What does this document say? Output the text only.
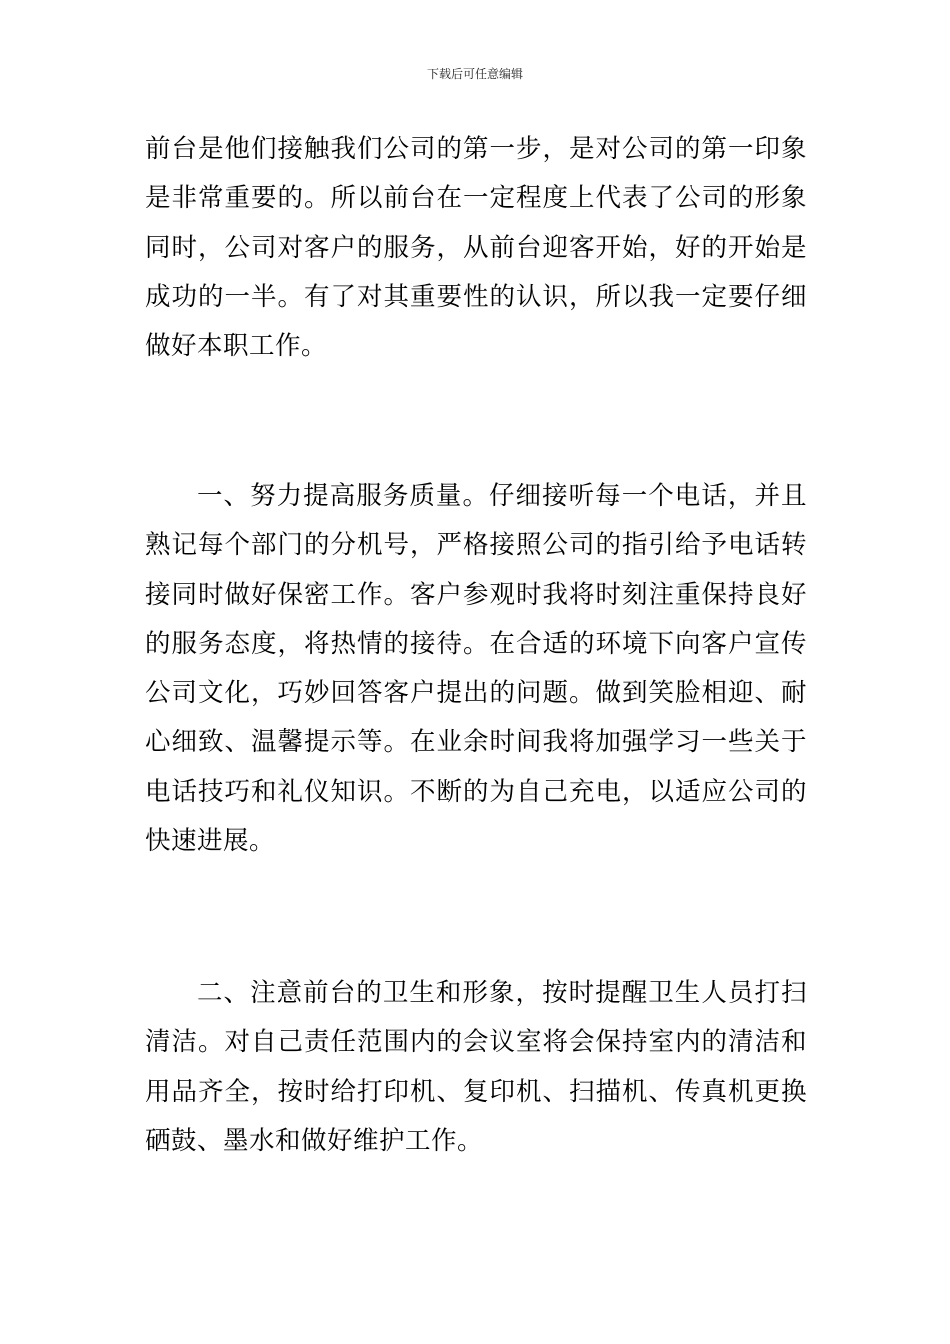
下载后可任意编辑

前台是他们接触我们公司的第一步，是对公司的第一印象是非常重要的。所以前台在一定程度上代表了公司的形象同时，公司对客户的服务，从前台迎客开始，好的开始是成功的一半。有了对其重要性的认识，所以我一定要仔细做好本职工作。

一、努力提高服务质量。仔细接听每一个电话，并且熟记每个部门的分机号，严格接照公司的指引给予电话转接同时做好保密工作。客户参观时我将时刻注重保持良好的服务态度，将热情的接待。在合适的环境下向客户宣传公司文化，巧妙回答客户提出的问题。做到笑脸相迎、耐心细致、温馨提示等。在业余时间我将加强学习一些关于电话技巧和礼仪知识。不断的为自己充电，以适应公司的快速进展。

二、注意前台的卫生和形象，按时提醒卫生人员打扫清洁。对自己责任范围内的会议室将会保持室内的清洁和用品齐全，按时给打印机、复印机、扫描机、传真机更换硒鼓、墨水和做好维护工作。
